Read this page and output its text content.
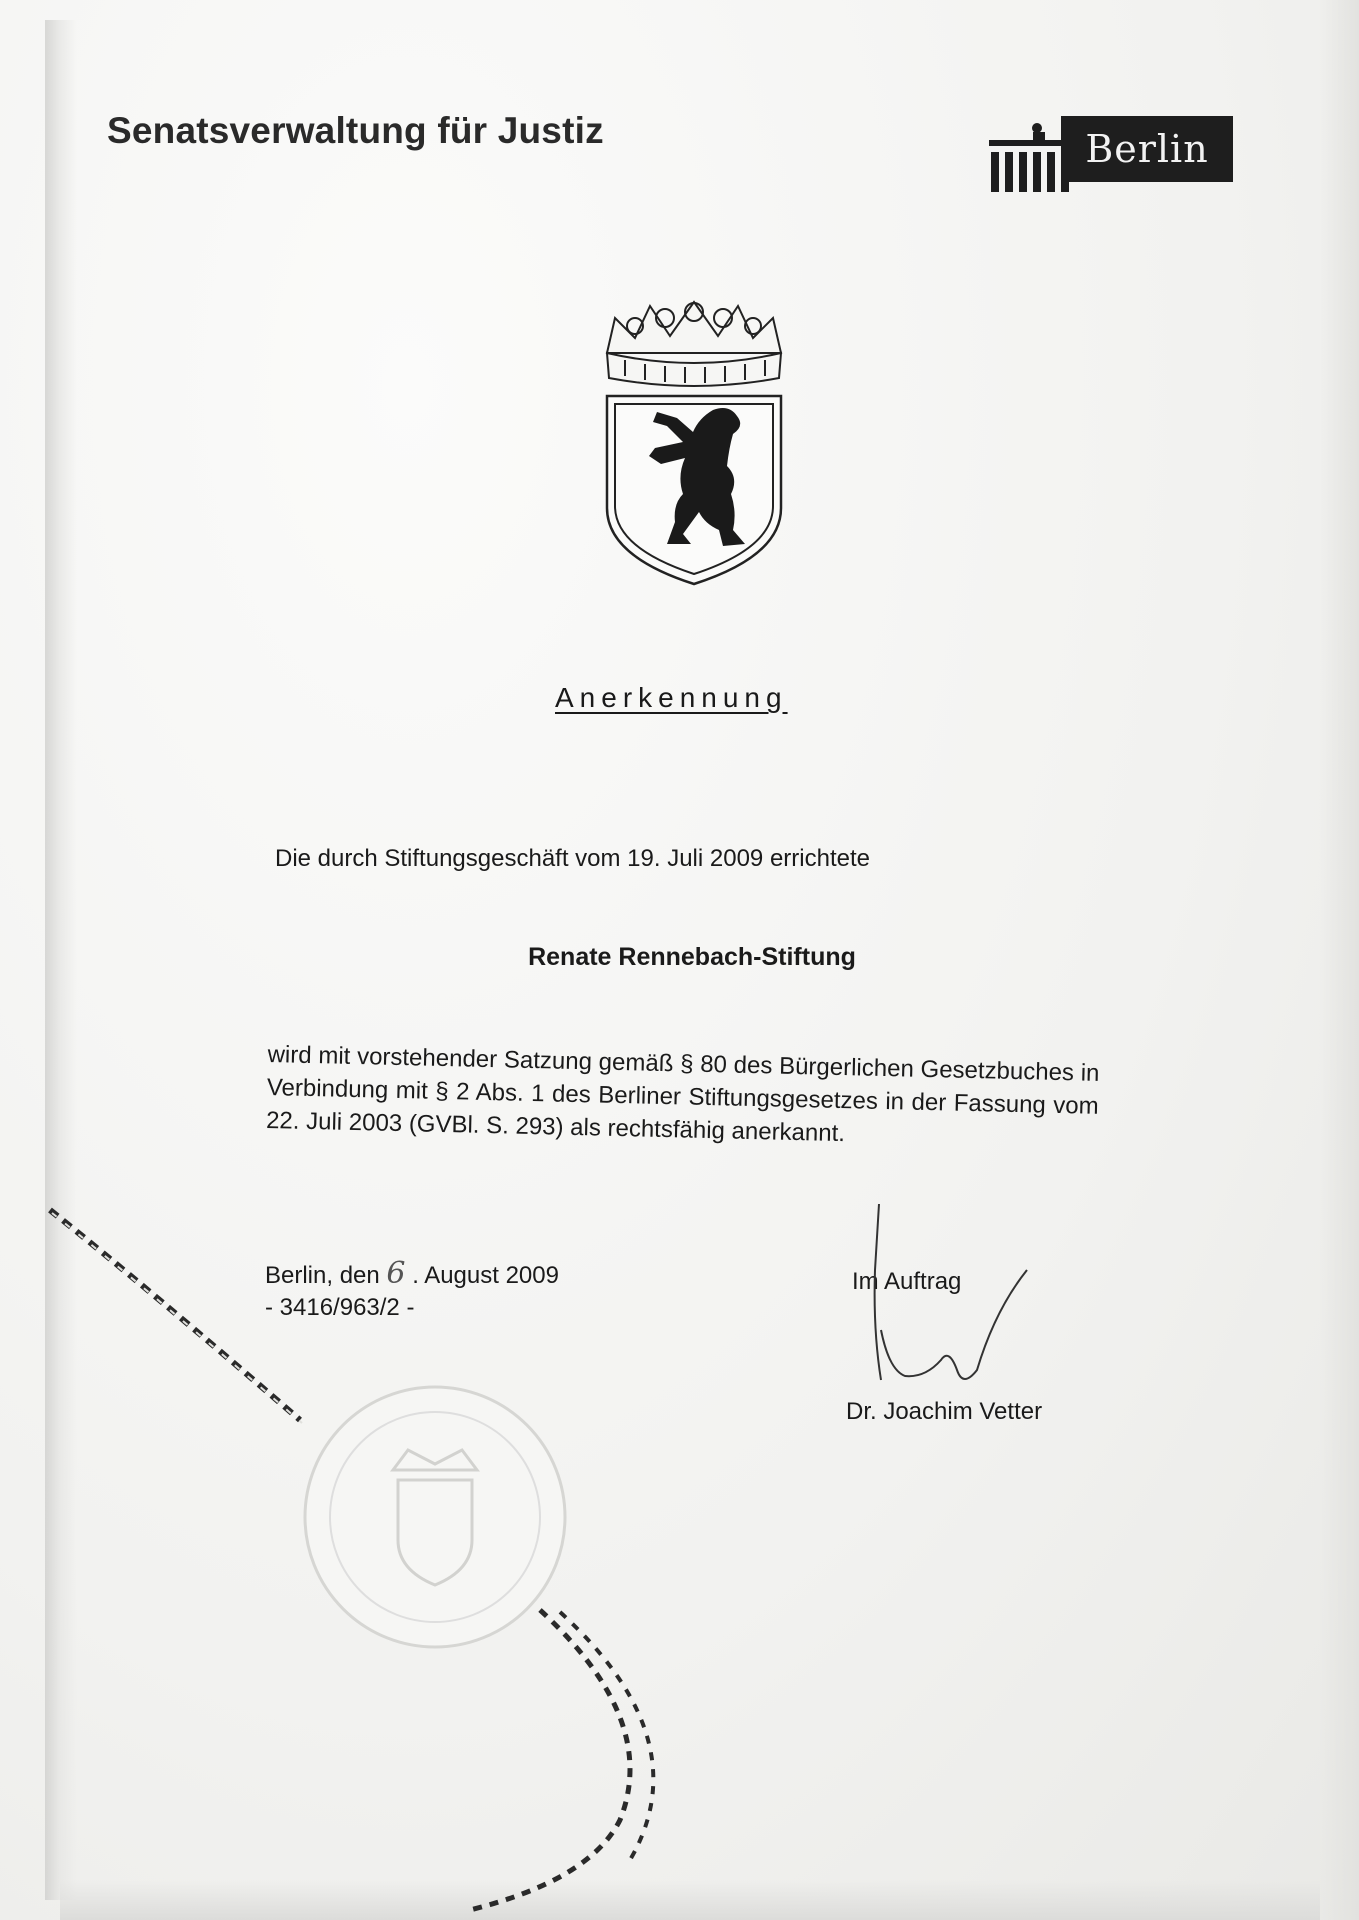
Senatsverwaltung für Justiz	Berlin
Anerkennung
Die durch Stiftungsgeschäft vom 19. Juli 2009 errichtete
Renate Rennebach-Stiftung
wird mit vorstehender Satzung gemäß § 80 des Bürgerlichen Gesetzbuches in Verbindung mit § 2 Abs. 1 des Berliner Stiftungsgesetzes in der Fassung vom 22. Juli 2003 (GVBl. S. 293) als rechtsfähig anerkannt.
Berlin, den 6 . August 2009
- 3416/963/2 -
Im Auftrag
Dr. Joachim Vetter
